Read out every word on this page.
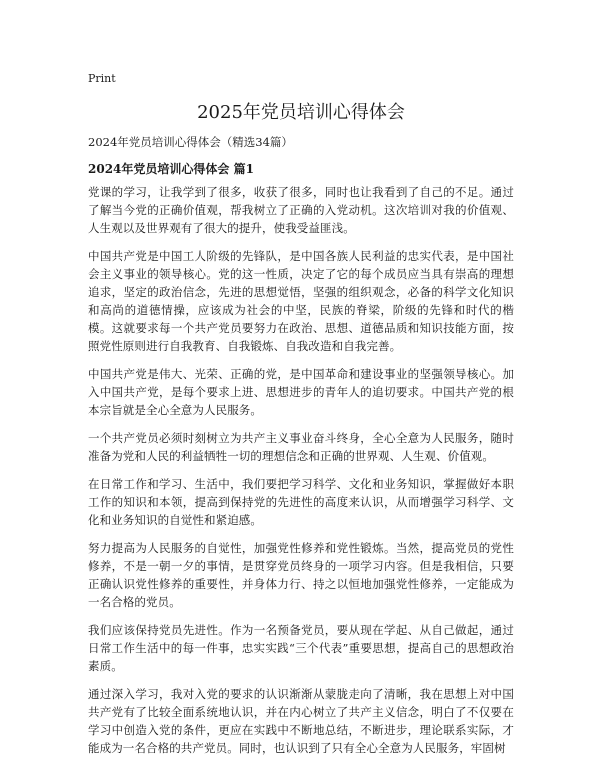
Print
2025年党员培训心得体会

2024年党员培训心得体会（精选34篇）

2024年党员培训心得体会 篇1

党课的学习，让我学到了很多，收获了很多，同时也让我看到了自己的不足。通过了解当今党的正确价值观，帮我树立了正确的入党动机。这次培训对我的价值观、人生观以及世界观有了很大的提升，使我受益匪浅。

中国共产党是中国工人阶级的先锋队，是中国各族人民利益的忠实代表，是中国社会主义事业的领导核心。党的这一性质，决定了它的每个成员应当具有崇高的理想追求，坚定的政治信念，先进的思想觉悟，坚强的组织观念，必备的科学文化知识和高尚的道德情操，应该成为社会的中坚，民族的脊梁，阶级的先锋和时代的楷模。这就要求每一个共产党员要努力在政治、思想、道德品质和知识技能方面，按照党性原则进行自我教育、自我锻炼、自我改造和自我完善。

中国共产党是伟大、光荣、正确的党，是中国革命和建设事业的坚强领导核心。加入中国共产党，是每个要求上进、思想进步的青年人的追切要求。中国共产党的根本宗旨就是全心全意为人民服务。

一个共产党员必须时刻树立为共产主义事业奋斗终身，全心全意为人民服务，随时准备为党和人民的利益牺牲一切的理想信念和正确的世界观、人生观、价值观。

在日常工作和学习、生活中，我们要把学习科学、文化和业务知识，掌握做好本职工作的知识和本领，提高到保持党的先进性的高度来认识，从而增强学习科学、文化和业务知识的自觉性和紧迫感。

努力提高为人民服务的自觉性，加强党性修养和党性锻炼。当然，提高党员的党性修养，不是一朝一夕的事情，是贯穿党员终身的一项学习内容。但是我相信，只要正确认识党性修养的重要性，并身体力行、持之以恒地加强党性修养，一定能成为一名合格的党员。

我们应该保持党员先进性。作为一名预备党员，要从现在学起、从自己做起，通过日常工作生活中的每一件事，忠实实践“三个代表”重要思想，提高自己的思想政治素质。

通过深入学习，我对入党的要求的认识渐渐从蒙胧走向了清晰，我在思想上对中国共产党有了比较全面系统地认识，并在内心树立了共产主义信念，明白了不仅要在学习中创造入党的条件，更应在实践中不断地总结，不断进步，理论联系实际，才能成为一名合格的共产党员。同时，也认识到了只有全心全意为人民服务，牢固树
